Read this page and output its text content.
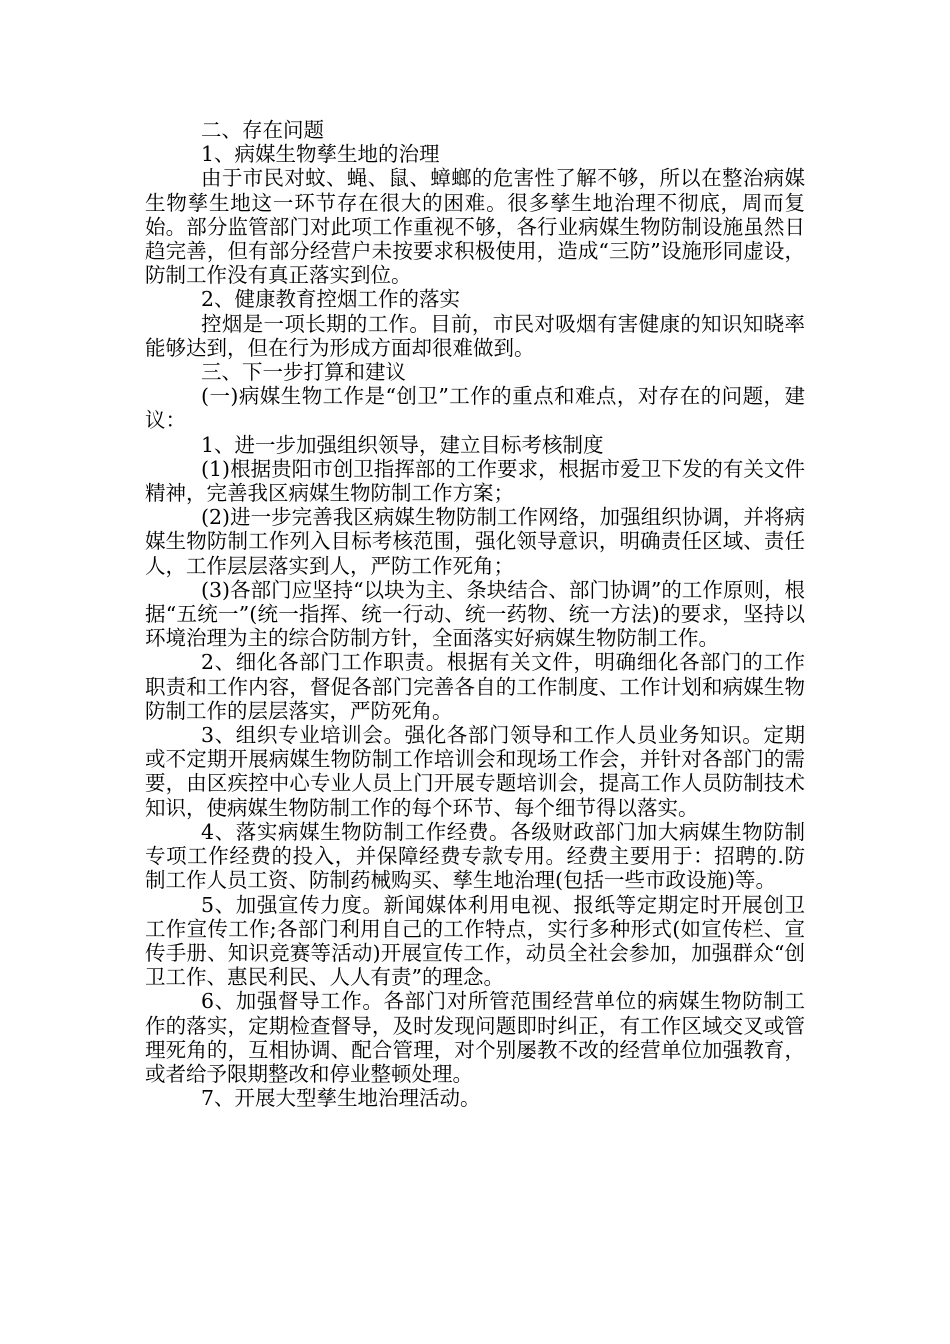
二、存在问题

1、病媒生物孳生地的治理

由于市民对蚊、蝇、鼠、蟑螂的危害性了解不够，所以在整治病媒生物孳生地这一环节存在很大的困难。很多孳生地治理不彻底，周而复始。部分监管部门对此项工作重视不够，各行业病媒生物防制设施虽然日趋完善，但有部分经营户未按要求积极使用，造成“三防”设施形同虚设，防制工作没有真正落实到位。

2、健康教育控烟工作的落实

控烟是一项长期的工作。目前，市民对吸烟有害健康的知识知晓率能够达到，但在行为形成方面却很难做到。

三、下一步打算和建议

(一)病媒生物工作是“创卫”工作的重点和难点，对存在的问题，建议：

1、进一步加强组织领导，建立目标考核制度

(1)根据贵阳市创卫指挥部的工作要求，根据市爱卫下发的有关文件精神，完善我区病媒生物防制工作方案；

(2)进一步完善我区病媒生物防制工作网络，加强组织协调，并将病媒生物防制工作列入目标考核范围，强化领导意识，明确责任区域、责任人，工作层层落实到人，严防工作死角；

(3)各部门应坚持“以块为主、条块结合、部门协调”的工作原则，根据“五统一”(统一指挥、统一行动、统一药物、统一方法)的要求，坚持以环境治理为主的综合防制方针，全面落实好病媒生物防制工作。

2、细化各部门工作职责。根据有关文件，明确细化各部门的工作职责和工作内容，督促各部门完善各自的工作制度、工作计划和病媒生物防制工作的层层落实，严防死角。

3、组织专业培训会。强化各部门领导和工作人员业务知识。定期或不定期开展病媒生物防制工作培训会和现场工作会，并针对各部门的需要，由区疾控中心专业人员上门开展专题培训会，提高工作人员防制技术知识，使病媒生物防制工作的每个环节、每个细节得以落实。

4、落实病媒生物防制工作经费。各级财政部门加大病媒生物防制专项工作经费的投入，并保障经费专款专用。经费主要用于：招聘的.防制工作人员工资、防制药械购买、孳生地治理(包括一些市政设施)等。

5、加强宣传力度。新闻媒体利用电视、报纸等定期定时开展创卫工作宣传工作;各部门利用自己的工作特点，实行多种形式(如宣传栏、宣传手册、知识竞赛等活动)开展宣传工作，动员全社会参加，加强群众“创卫工作、惠民利民、人人有责”的理念。

6、加强督导工作。各部门对所管范围经营单位的病媒生物防制工作的落实，定期检查督导，及时发现问题即时纠正，有工作区域交叉或管理死角的，互相协调、配合管理，对个别屡教不改的经营单位加强教育，或者给予限期整改和停业整顿处理。

7、开展大型孳生地治理活动。
